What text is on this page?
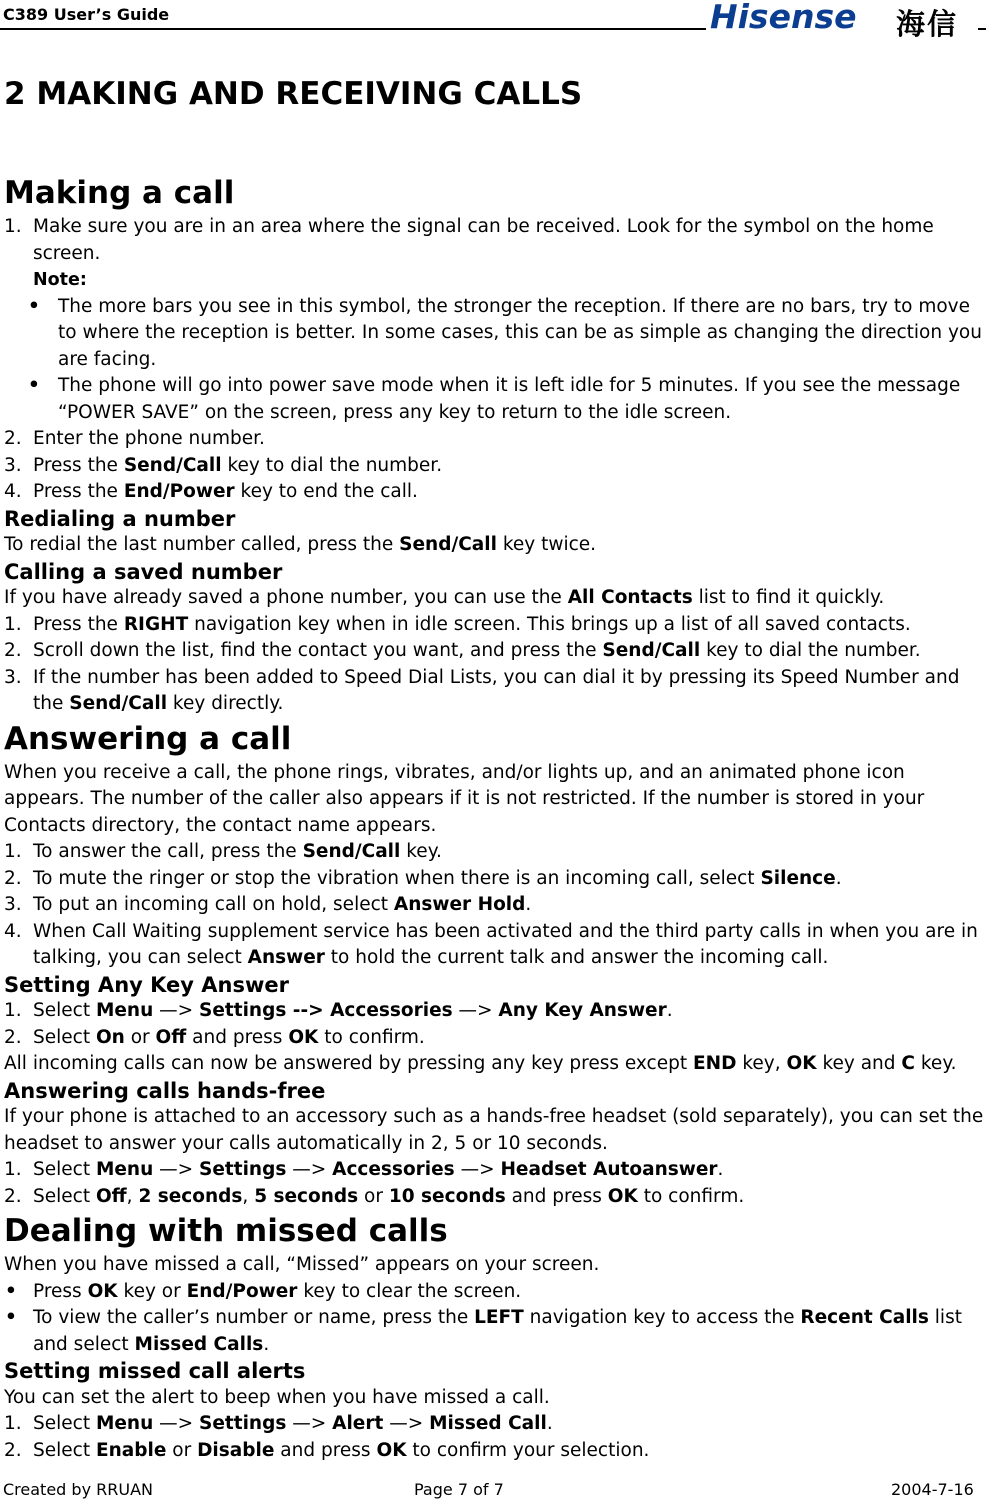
C389 User’s Guide	Hisense 海信
2 MAKING AND RECEIVING CALLS
Making a call
1. Make sure you are in an area where the signal can be received. Look for the symbol on the home screen.
Note:
• The more bars you see in this symbol, the stronger the reception. If there are no bars, try to move to where the reception is better. In some cases, this can be as simple as changing the direction you are facing.
• The phone will go into power save mode when it is left idle for 5 minutes. If you see the message “POWER SAVE” on the screen, press any key to return to the idle screen.
2. Enter the phone number.
3. Press the Send/Call key to dial the number.
4. Press the End/Power key to end the call.
Redialing a number

To redial the last number called, press the Send/Call key twice.

Calling a saved number

If you have already saved a phone number, you can use the All Contacts list to find it quickly.

1. Press the RIGHT navigation key when in idle screen. This brings up a list of all saved contacts.
2. Scroll down the list, find the contact you want, and press the Send/Call key to dial the number.
3. If the number has been added to Speed Dial Lists, you can dial it by pressing its Speed Number and the Send/Call key directly.
Answering a call

When you receive a call, the phone rings, vibrates, and/or lights up, and an animated phone icon appears. The number of the caller also appears if it is not restricted. If the number is stored in your Contacts directory, the contact name appears.

1. To answer the call, press the Send/Call key.
2. To mute the ringer or stop the vibration when there is an incoming call, select Silence.
3. To put an incoming call on hold, select Answer Hold.
4. When Call Waiting supplement service has been activated and the third party calls in when you are in talking, you can select Answer to hold the current talk and answer the incoming call.
Setting Any Key Answer
1. Select Menu —> Settings --> Accessories —> Any Key Answer.
2. Select On or Off and press OK to confirm.

All incoming calls can now be answered by pressing any key press except END key, OK key and C key.

Answering calls hands-free

If your phone is attached to an accessory such as a hands-free headset (sold separately), you can set the headset to answer your calls automatically in 2, 5 or 10 seconds.

1. Select Menu —> Settings —> Accessories —> Headset Autoanswer.
2. Select Off, 2 seconds, 5 seconds or 10 seconds and press OK to confirm.
Dealing with missed calls

When you have missed a call, “Missed” appears on your screen.

• Press OK key or End/Power key to clear the screen.
• To view the caller’s number or name, press the LEFT navigation key to access the Recent Calls list and select Missed Calls.
Setting missed call alerts

You can set the alert to beep when you have missed a call.

1. Select Menu —> Settings —> Alert —> Missed Call.
2. Select Enable or Disable and press OK to confirm your selection.
Created by RRUAN	Page 7 of 7	2004-7-16
